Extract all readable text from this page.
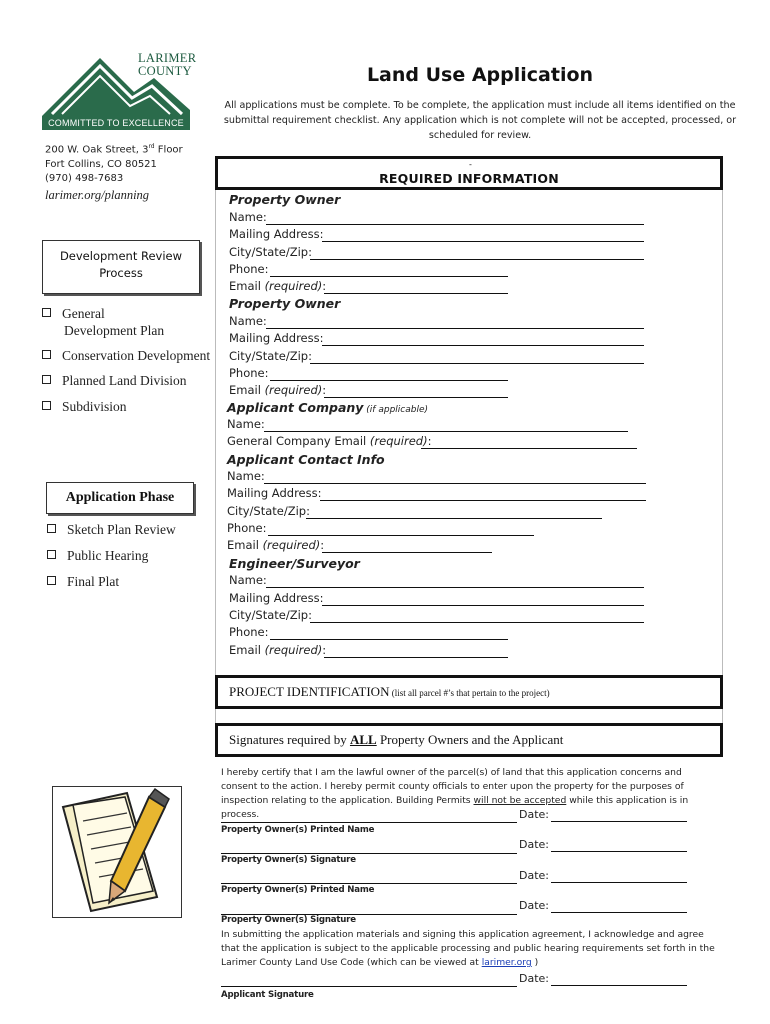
LARIMER
COUNTY
COMMITTED TO EXCELLENCE
200 W. Oak Street, 3rd Floor
Fort Collins, CO 80521
(970) 498-7683
larimer.org/planning
Land Use Application
All applications must be complete. To be complete, the application must include all items identified on the submittal requirement checklist. Any application which is not complete will not be accepted, processed, or scheduled for review.
-
REQUIRED INFORMATION
Property Owner
Name:
Mailing Address:
City/State/Zip:
Phone:
Email (required):
Property Owner
Name:
Mailing Address:
City/State/Zip:
Phone:
Email (required):
Applicant Company (if applicable)
Name:
General Company Email (required):
Applicant Contact Info
Name:
Mailing Address:
City/State/Zip:
Phone:
Email (required):
Engineer/Surveyor
Name:
Mailing Address:
City/State/Zip:
Phone:
Email (required):
Development Review
Process
General
Development Plan
Conservation Development
Planned Land Division
Subdivision
Application Phase
Sketch Plan Review
Public Hearing
Final Plat
PROJECT IDENTIFICATION (list all parcel #’s that pertain to the project)
Signatures required by ALL Property Owners and the Applicant
I hereby certify that I am the lawful owner of the parcel(s) of land that this application concerns and consent to the action. I hereby permit county officials to enter upon the property for the purposes of inspection relating to the application. Building Permits will not be accepted while this application is in process.	Date:
Property Owner(s) Printed Name
Date:
Property Owner(s) Signature
Date:
Property Owner(s) Printed Name
Date:
Property Owner(s) Signature
In submitting the application materials and signing this application agreement, I acknowledge and agree that the application is subject to the applicable processing and public hearing requirements set forth in the Larimer County Land Use Code (which can be viewed at larimer.org )
Date:
Applicant Signature
